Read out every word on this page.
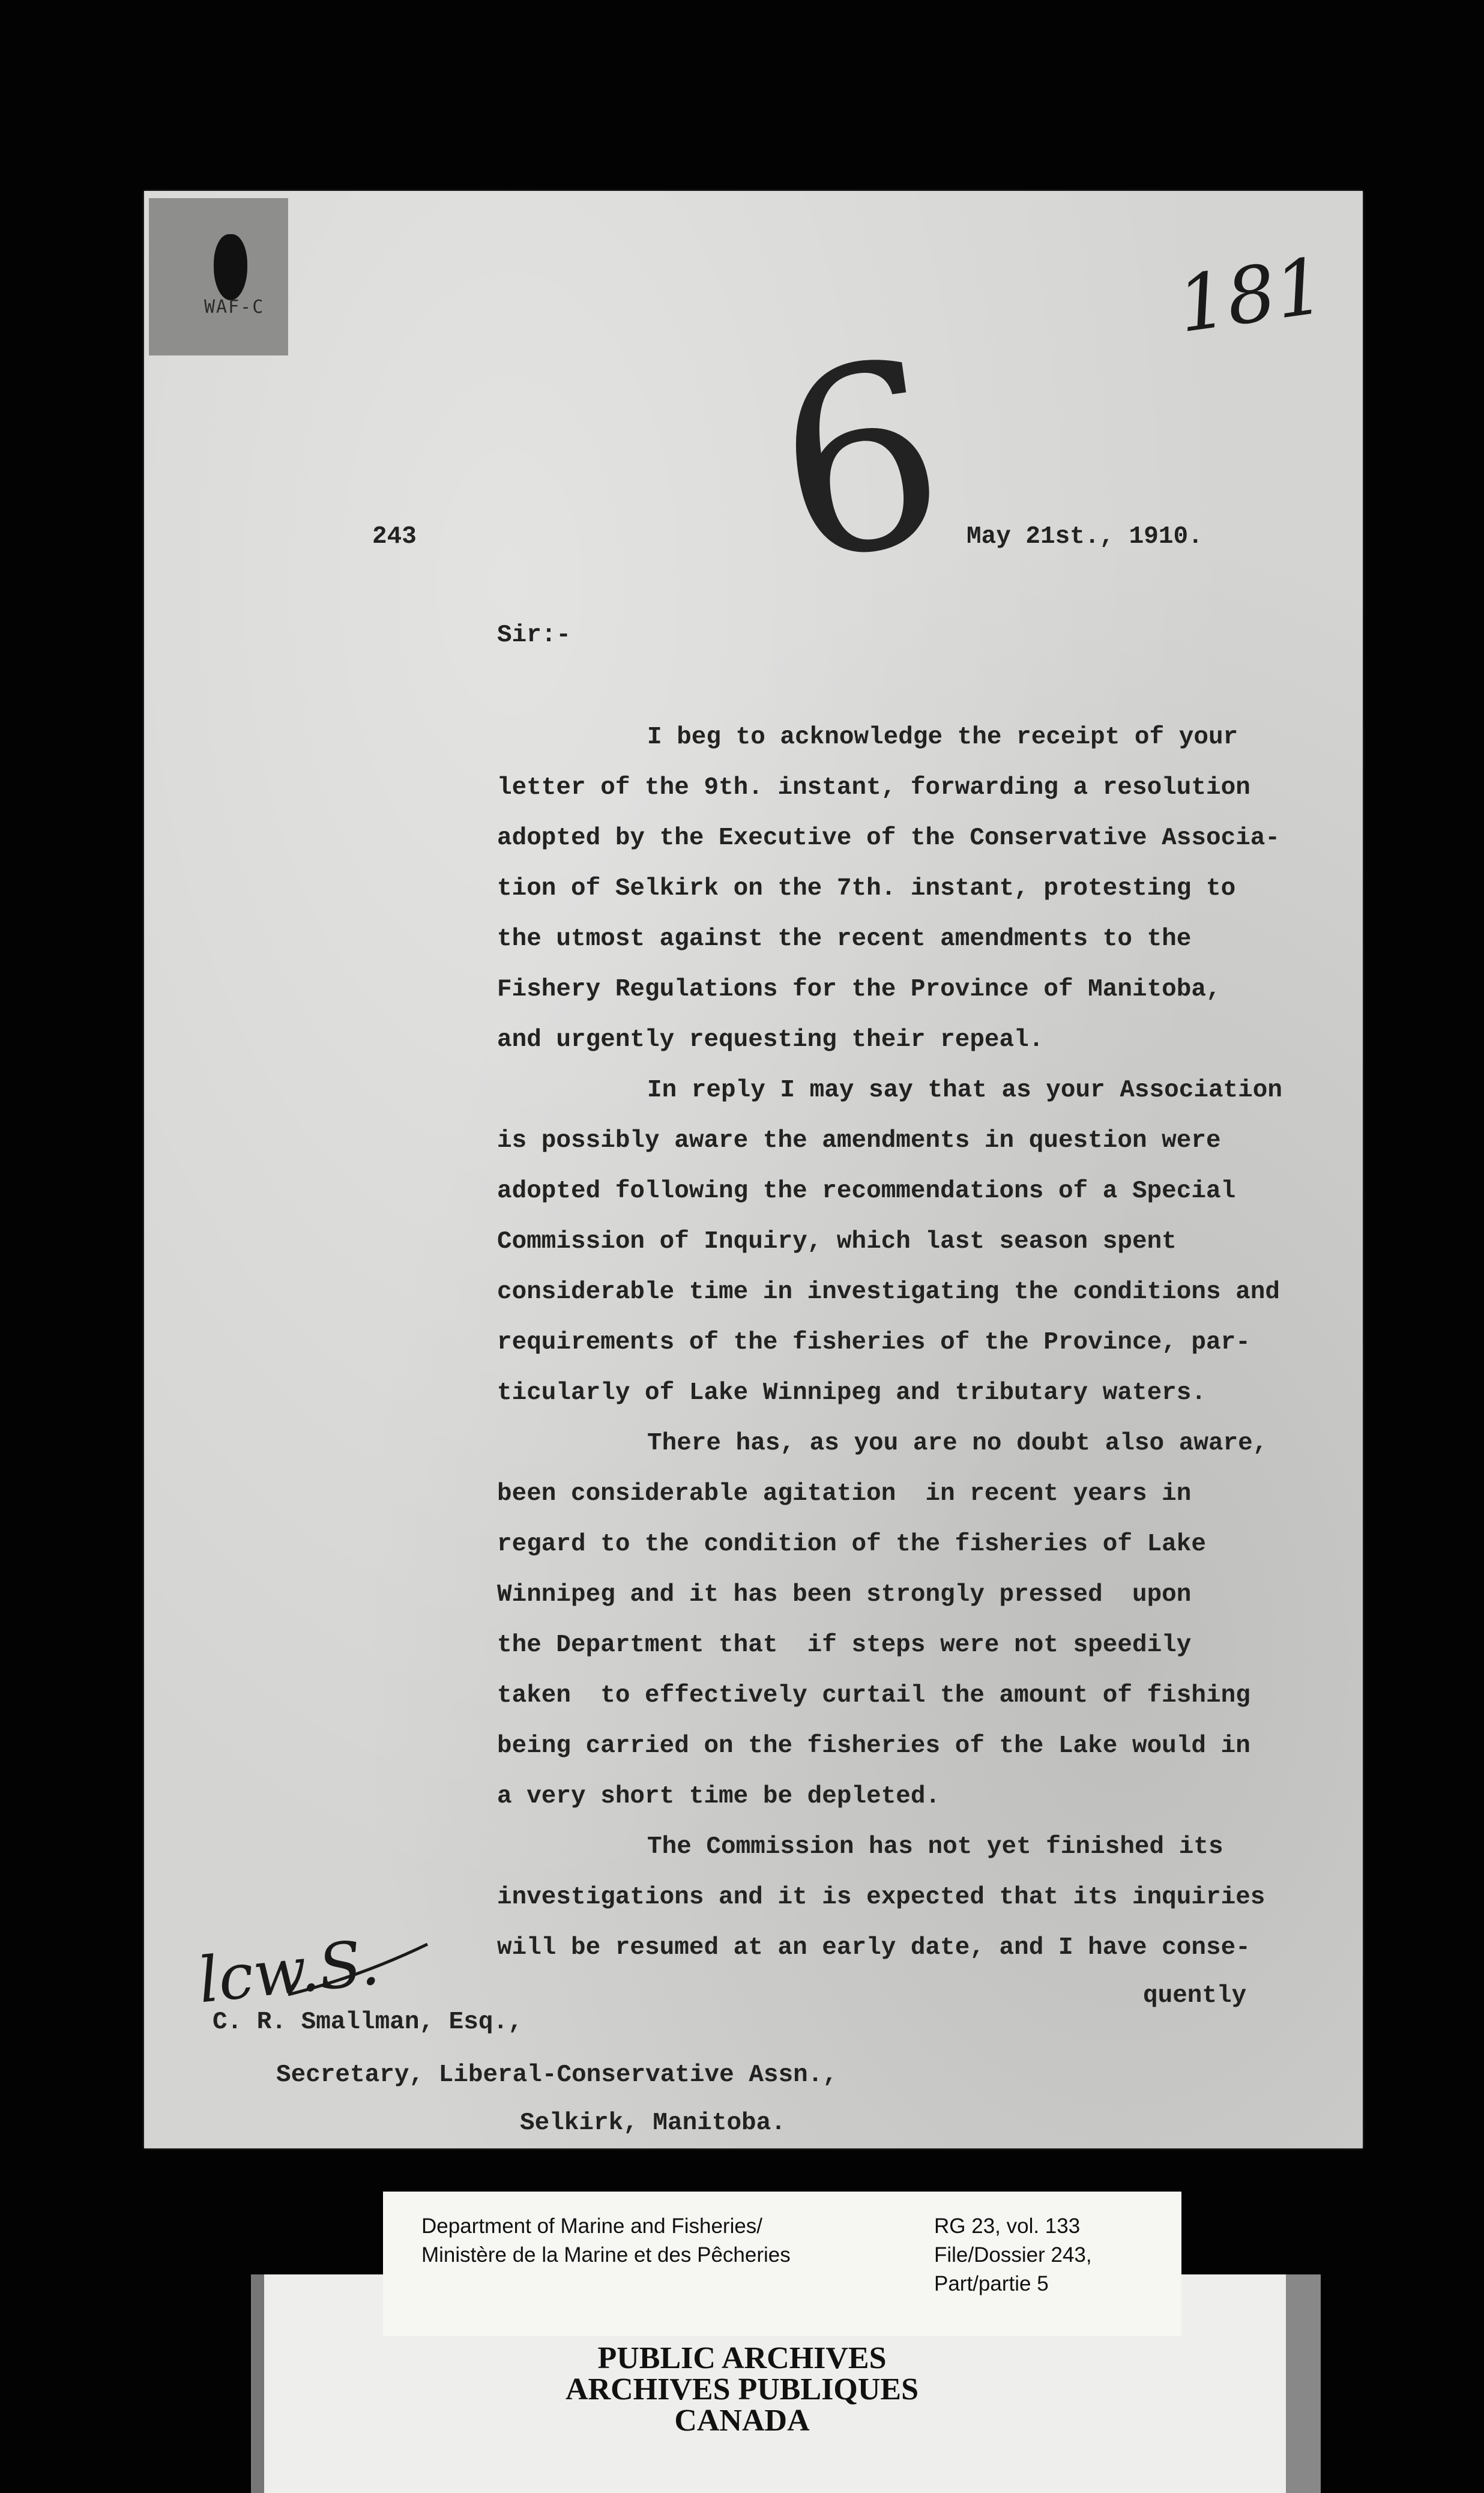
WAF-C	181
6
243	May 21st., 1910.
Sir:-
I beg to acknowledge the receipt of your
letter of the 9th. instant, forwarding a resolution
adopted by the Executive of the Conservative Associa-
tion of Selkirk on the 7th. instant, protesting to
the utmost against the recent amendments to the
Fishery Regulations for the Province of Manitoba,
and urgently requesting their repeal.
In reply I may say that as your Association
is possibly aware the amendments in question were
adopted following the recommendations of a Special
Commission of Inquiry, which last season spent
considerable time in investigating the conditions and
requirements of the fisheries of the Province, par-
ticularly of Lake Winnipeg and tributary waters.
There has, as you are no doubt also aware,
been considerable agitation  in recent years in
regard to the condition of the fisheries of Lake
Winnipeg and it has been strongly pressed  upon
the Department that  if steps were not speedily
taken  to effectively curtail the amount of fishing
being carried on the fisheries of the Lake would in
a very short time be depleted.
The Commission has not yet finished its
investigations and it is expected that its inquiries
will be resumed at an early date, and I have conse-
quently
lcw.S.
C. R. Smallman, Esq.,
Secretary, Liberal-Conservative Assn.,
Selkirk, Manitoba.
Department of Marine and Fisheries/
Ministère de la Marine et des Pêcheries
RG 23, vol. 133
File/Dossier 243,
Part/partie 5
PUBLIC ARCHIVES
ARCHIVES PUBLIQUES
CANADA
